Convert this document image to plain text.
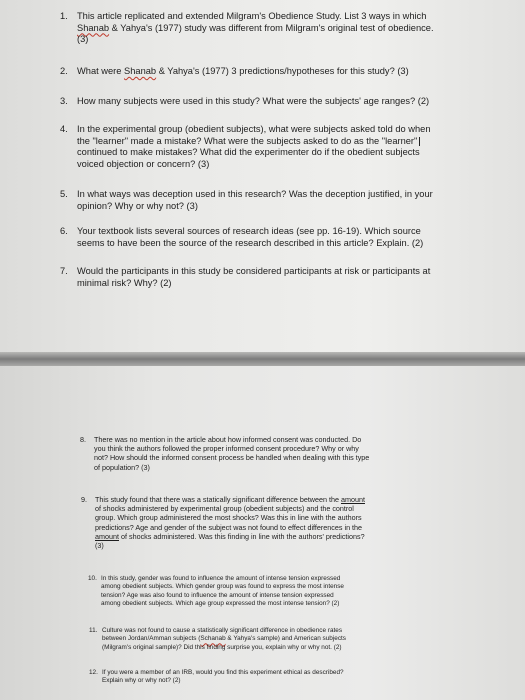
1. This article replicated and extended Milgram's Obedience Study. List 3 ways in which
Shanab & Yahya's (1977) study was different from Milgram's original test of obedience.
(3)
2. What were Shanab & Yahya's (1977) 3 predictions/hypotheses for this study? (3)
3. How many subjects were used in this study? What were the subjects' age ranges? (2)
4. In the experimental group (obedient subjects), what were subjects asked told do when
the "learner" made a mistake? What were the subjects asked to do as the "learner"
continued to make mistakes? What did the experimenter do if the obedient subjects
voiced objection or concern? (3)
5. In what ways was deception used in this research? Was the deception justified, in your
opinion? Why or why not? (3)
6. Your textbook lists several sources of research ideas (see pp. 16-19). Which source
seems to have been the source of the research described in this article? Explain. (2)
7. Would the participants in this study be considered participants at risk or participants at
minimal risk? Why? (2)
8.	There was no mention in the article about how informed consent was conducted. Do
you think the authors followed the proper informed consent procedure? Why or why
not? How should the informed consent process be handled when dealing with this type
of population? (3)
9.	This study found that there was a statically significant difference between the amount
of shocks administered by experimental group (obedient subjects) and the control
group. Which group administered the most shocks? Was this in line with the authors
predictions? Age and gender of the subject was not found to effect differences in the
amount of shocks administered. Was this finding in line with the authors' predictions?
(3)
10. In this study, gender was found to influence the amount of intense tension expressed
among obedient subjects. Which gender group was found to express the most intense
tension? Age was also found to influence the amount of intense tension expressed
among obedient subjects. Which age group expressed the most intense tension? (2)
11. Culture was not found to cause a statistically significant difference in obedience rates
between Jordan/Amman subjects (Schanab & Yahya's sample) and American subjects
(Milgram's original sample)? Did this finding surprise you, explain why or why not. (2)
12. If you were a member of an IRB, would you find this experiment ethical as described?
Explain why or why not? (2)
